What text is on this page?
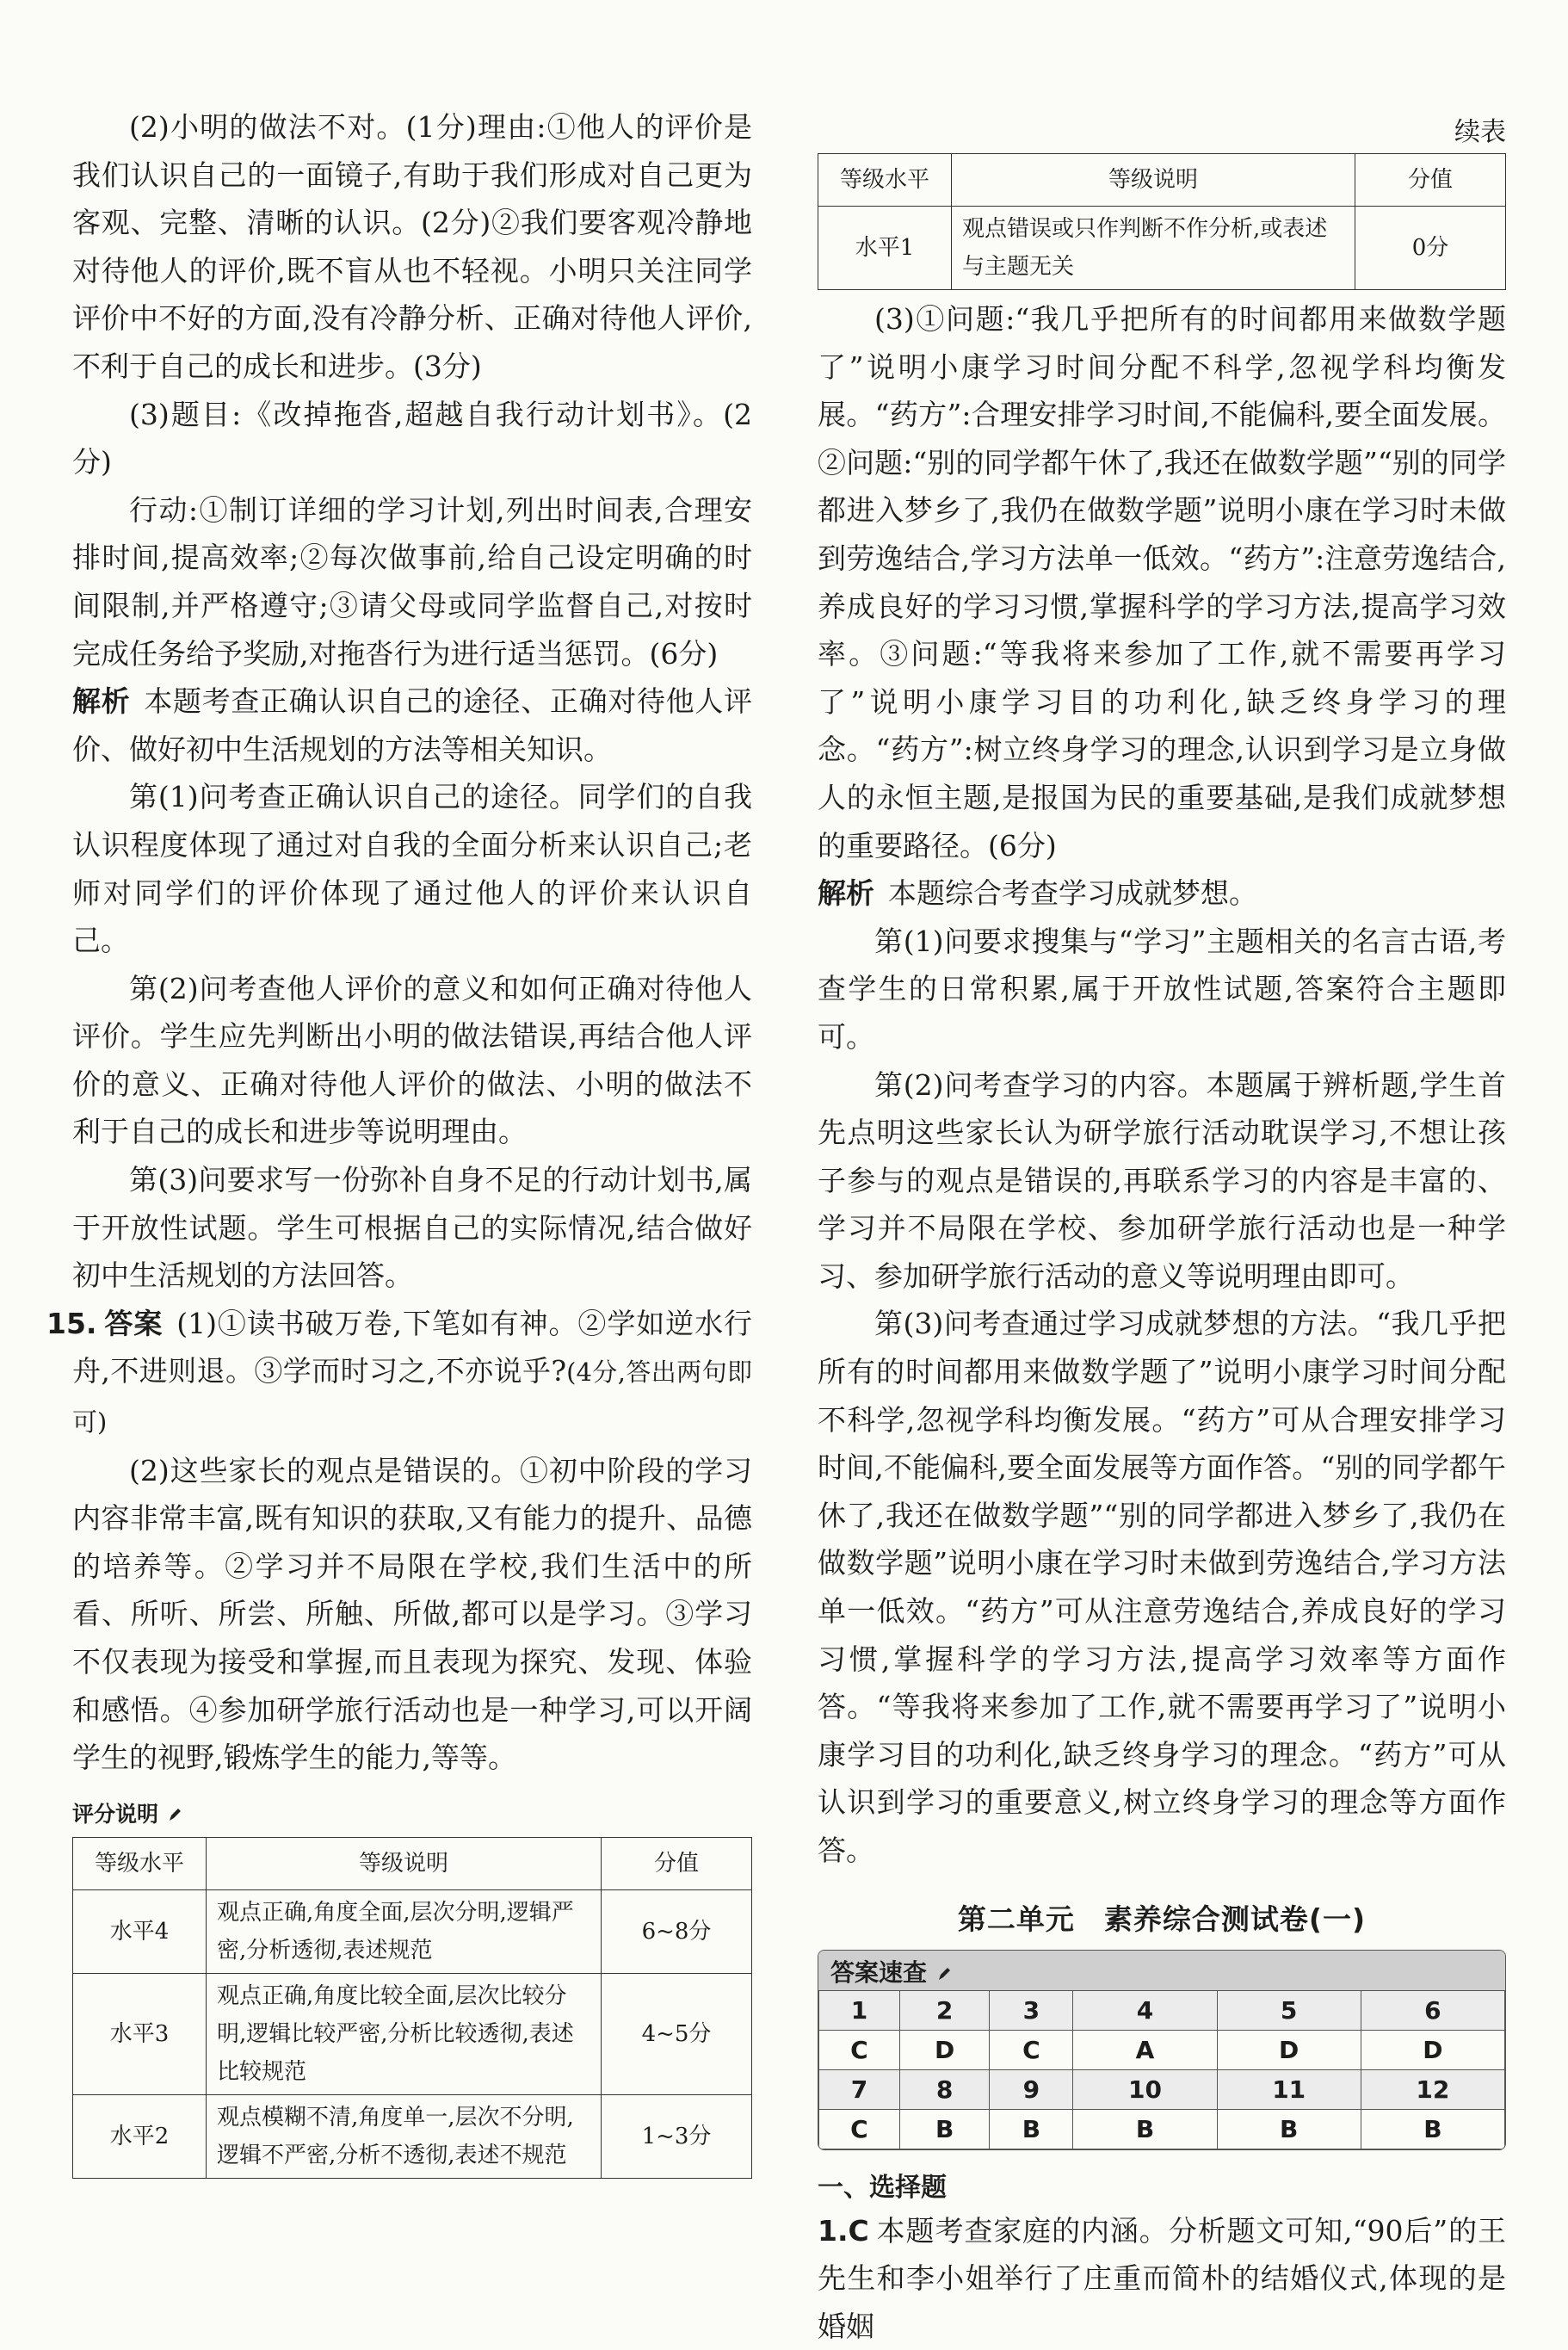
续表

(2)小明的做法不对。(1分)理由:①他人的评价是我们认识自己的一面镜子,有助于我们形成对自己更为客观、完整、清晰的认识。(2分)②我们要客观冷静地对待他人的评价,既不盲从也不轻视。小明只关注同学评价中不好的方面,没有冷静分析、正确对待他人评价,不利于自己的成长和进步。(3分)

(3)题目:《改掉拖沓,超越自我行动计划书》。(2分)

行动:①制订详细的学习计划,列出时间表,合理安排时间,提高效率;②每次做事前,给自己设定明确的时间限制,并严格遵守;③请父母或同学监督自己,对按时完成任务给予奖励,对拖沓行为进行适当惩罚。(6分)

解析 本题考查正确认识自己的途径、正确对待他人评价、做好初中生活规划的方法等相关知识。

第(1)问考查正确认识自己的途径。同学们的自我认识程度体现了通过对自我的全面分析来认识自己;老师对同学们的评价体现了通过他人的评价来认识自己。

第(2)问考查他人评价的意义和如何正确对待他人评价。学生应先判断出小明的做法错误,再结合他人评价的意义、正确对待他人评价的做法、小明的做法不利于自己的成长和进步等说明理由。

第(3)问要求写一份弥补自身不足的行动计划书,属于开放性试题。学生可根据自己的实际情况,结合做好初中生活规划的方法回答。

15. 答案 (1)①读书破万卷,下笔如有神。②学如逆水行舟,不进则退。③学而时习之,不亦说乎?(4分,答出两句即可)

(2)这些家长的观点是错误的。①初中阶段的学习内容非常丰富,既有知识的获取,又有能力的提升、品德的培养等。②学习并不局限在学校,我们生活中的所看、所听、所尝、所触、所做,都可以是学习。③学习不仅表现为接受和掌握,而且表现为探究、发现、体验和感悟。④参加研学旅行活动也是一种学习,可以开阔学生的视野,锻炼学生的能力,等等。

评分说明
等级水平	等级说明	分值
水平4	观点正确,角度全面,层次分明,逻辑严密,分析透彻,表述规范	6~8分
水平3	观点正确,角度比较全面,层次比较分明,逻辑比较严密,分析比较透彻,表述比较规范	4~5分
水平2	观点模糊不清,角度单一,层次不分明,逻辑不严密,分析不透彻,表述不规范	1~3分
等级水平	等级说明	分值
水平1	观点错误或只作判断不作分析,或表述与主题无关	0分

(3)①问题:“我几乎把所有的时间都用来做数学题了”说明小康学习时间分配不科学,忽视学科均衡发展。“药方”:合理安排学习时间,不能偏科,要全面发展。②问题:“别的同学都午休了,我还在做数学题”“别的同学都进入梦乡了,我仍在做数学题”说明小康在学习时未做到劳逸结合,学习方法单一低效。“药方”:注意劳逸结合,养成良好的学习习惯,掌握科学的学习方法,提高学习效率。③问题:“等我将来参加了工作,就不需要再学习了”说明小康学习目的功利化,缺乏终身学习的理念。“药方”:树立终身学习的理念,认识到学习是立身做人的永恒主题,是报国为民的重要基础,是我们成就梦想的重要路径。(6分)

解析 本题综合考查学习成就梦想。

第(1)问要求搜集与“学习”主题相关的名言古语,考查学生的日常积累,属于开放性试题,答案符合主题即可。

第(2)问考查学习的内容。本题属于辨析题,学生首先点明这些家长认为研学旅行活动耽误学习,不想让孩子参与的观点是错误的,再联系学习的内容是丰富的、学习并不局限在学校、参加研学旅行活动也是一种学习、参加研学旅行活动的意义等说明理由即可。

第(3)问考查通过学习成就梦想的方法。“我几乎把所有的时间都用来做数学题了”说明小康学习时间分配不科学,忽视学科均衡发展。“药方”可从合理安排学习时间,不能偏科,要全面发展等方面作答。“别的同学都午休了,我还在做数学题”“别的同学都进入梦乡了,我仍在做数学题”说明小康在学习时未做到劳逸结合,学习方法单一低效。“药方”可从注意劳逸结合,养成良好的学习习惯,掌握科学的学习方法,提高学习效率等方面作答。“等我将来参加了工作,就不需要再学习了”说明小康学习目的功利化,缺乏终身学习的理念。“药方”可从认识到学习的重要意义,树立终身学习的理念等方面作答。

第二单元　素养综合测试卷(一)
答案速查
1	2	3	4	5	6
C	D	C	A	D	D
7	8	9	10	11	12
C	B	B	B	B	B
一、选择题

1.C 本题考查家庭的内涵。分析题文可知,“90后”的王先生和李小姐举行了庄重而简朴的结婚仪式,体现的是婚姻
